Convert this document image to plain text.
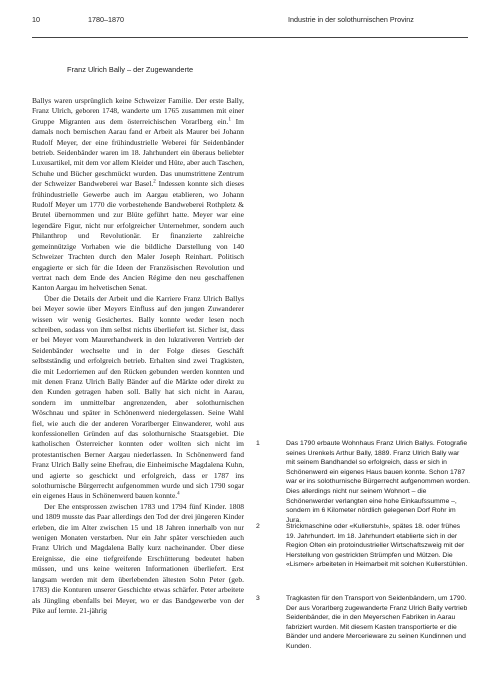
10	1780–1870	Industrie in der solothurnischen Provinz
Franz Ulrich Bally – der Zugewanderte

Ballys waren ursprünglich keine Schweizer Familie. Der erste Bally, Franz Ulrich, geboren 1748, wanderte um 1765 zusammen mit einer Gruppe Migranten aus dem österreichischen Vorarlberg ein.$^1$ Im damals noch bernischen Aarau fand er Arbeit als Maurer bei Johann Rudolf Meyer, der eine frühindustrielle Weberei für Seidenbänder betrieb. Seidenbänder waren im 18. Jahrhundert ein überaus beliebter Luxusartikel, mit dem vor allem Kleider und Hüte, aber auch Taschen, Schuhe und Bücher geschmückt wurden. Das unumstrittene Zentrum der Schweizer Bandweberei war Basel.$^2$ Indessen konnte sich dieses frühindustrielle Gewerbe auch im Aargau etablieren, wo Johann Rudolf Meyer um 1770 die vorbestehende Bandweberei Rothpletz & Brutel übernommen und zur Blüte geführt hatte. Meyer war eine legendäre Figur, nicht nur erfolgreicher Unternehmer, sondern auch Philanthrop und Revolutionär. Er finanzierte zahlreiche gemeinnützige Vorhaben wie die bildliche Darstellung von 140 Schweizer Trachten durch den Maler Joseph Reinhart. Politisch engagierte er sich für die Ideen der Französischen Revolution und vertrat nach dem Ende des Ancien Régime den neu geschaffenen Kanton Aargau im helvetischen Senat.

Über die Details der Arbeit und die Karriere Franz Ulrich Ballys bei Meyer sowie über Meyers Einfluss auf den jungen Zuwanderer wissen wir wenig Gesichertes. Bally konnte weder lesen noch schreiben, sodass von ihm selbst nichts überliefert ist. Sicher ist, dass er bei Meyer vom Maurerhandwerk in den lukrativeren Vertrieb der Seidenbänder wechselte und in der Folge dieses Geschäft selbstständig und erfolgreich betrieb. Erhalten sind zwei Tragkisten, die mit Ledorriemen auf den Rücken gebunden werden konnten und mit denen Franz Ulrich Bally Bänder auf die Märkte oder direkt zu den Kunden getragen haben soll. Bally hat sich nicht in Aarau, sondern im unmittelbar angrenzenden, aber solothurnischen Wöschnau und später in Schönenwerd niedergelassen. Seine Wahl fiel, wie auch die der anderen Vorarlberger Einwanderer, wohl aus konfessionellen Gründen auf das solothurnische Staatsgebiet. Die katholischen Österreicher konnten oder wollten sich nicht im protestantischen Berner Aargau niederlassen. In Schönenwerd fand Franz Ulrich Bally seine Ehefrau, die Einheimische Magdalena Kuhn, und agierte so geschickt und erfolgreich, dass er 1787 ins solothurnische Bürgerrecht aufgenommen wurde und sich 1790 sogar ein eigenes Haus in Schönenwerd bauen konnte.$^4$

Der Ehe entsprossen zwischen 1783 und 1794 fünf Kinder. 1808 und 1809 musste das Paar allerdings den Tod der drei jüngeren Kinder erleben, die im Alter zwischen 15 und 18 Jahren innerhalb von nur wenigen Monaten verstarben. Nur ein Jahr später verschieden auch Franz Ulrich und Magdalena Bally kurz nacheinander. Über diese Ereignisse, die eine tiefgreifende Erschütterung bedeutet haben müssen, und uns keine weiteren Informationen überliefert. Erst langsam werden mit dem überlebenden ältesten Sohn Peter (geb. 1783) die Konturen unserer Geschichte etwas schärfer. Peter arbeitete als Jüngling ebenfalls bei Meyer, wo er das Bandgewerbe von der Pike auf lernte. 21-jährig

1	Das 1790 erbaute Wohnhaus Franz Ulrich Ballys. Fotografie seines Urenkels Arthur Bally, 1889. Franz Ulrich Bally war mit seinem Bandhandel so erfolgreich, dass er sich in Schönenwerd ein eigenes Haus bauen konnte. Schon 1787 war er ins solothurnische Bürgerrecht aufgenommen worden. Dies allerdings nicht nur seinem Wohnort – die Schönenwerder verlangten eine hohe Einkaufssumme –, sondern im 6 Kilometer nördlich gelegenen Dorf Rohr im Jura.
2	Strickmaschine oder «Kullerstuhl», spätes 18. oder frühes 19. Jahrhundert. Im 18. Jahrhundert etablierte sich in der Region Olten ein protoindustrieller Wirtschaftszweig mit der Herstellung von gestrickten Strümpfen und Mützen. Die «Lismer» arbeiteten in Heimarbeit mit solchen Kullerstühlen.
3	Tragkasten für den Transport von Seidenbändern, um 1790. Der aus Vorarlberg zugewanderte Franz Ulrich Bally vertrieb Seidenbänder, die in den Meyerschen Fabriken in Aarau fabriziert wurden. Mit diesem Kasten transportierte er die Bänder und andere Mercerieware zu seinen Kundinnen und Kunden.
